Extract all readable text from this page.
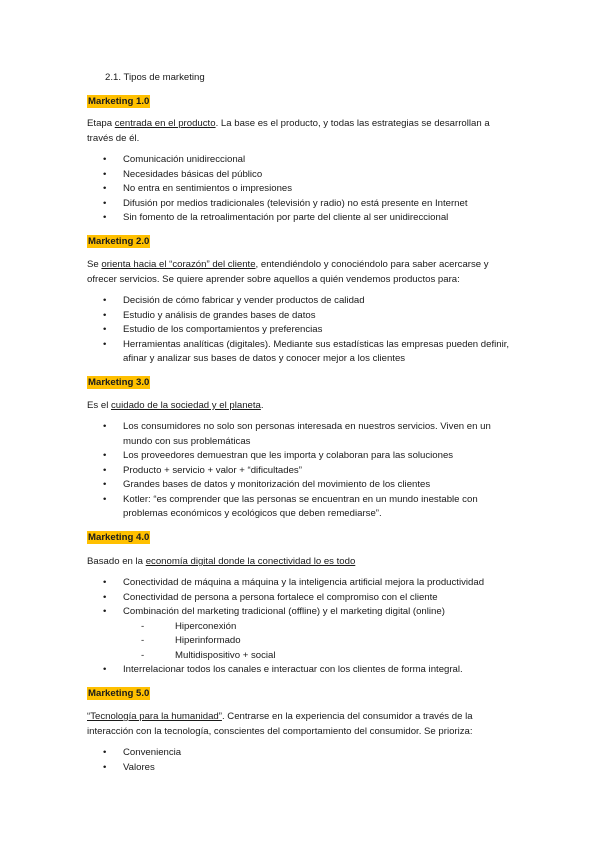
2.1. Tipos de marketing
Marketing 1.0

Etapa centrada en el producto. La base es el producto, y todas las estrategias se desarrollan a través de él.

• Comunicación unidireccional
• Necesidades básicas del público
• No entra en sentimientos o impresiones
• Difusión por medios tradicionales (televisión y radio) no está presente en Internet
• Sin fomento de la retroalimentación por parte del cliente al ser unidireccional
Marketing 2.0

Se orienta hacia el “corazón” del cliente, entendiéndolo y conociéndolo para saber acercarse y ofrecer servicios. Se quiere aprender sobre aquellos a quién vendemos productos para:

• Decisión de cómo fabricar y vender productos de calidad
• Estudio y análisis de grandes bases de datos
• Estudio de los comportamientos y preferencias
• Herramientas analíticas (digitales). Mediante sus estadísticas las empresas pueden definir, afinar y analizar sus bases de datos y conocer mejor a los clientes
Marketing 3.0

Es el cuidado de la sociedad y el planeta.

• Los consumidores no solo son personas interesada en nuestros servicios. Viven en un mundo con sus problemáticas
• Los proveedores demuestran que les importa y colaboran para las soluciones
• Producto + servicio + valor + “dificultades”
• Grandes bases de datos y monitorización del movimiento de los clientes
• Kotler: “es comprender que las personas se encuentran en un mundo inestable con problemas económicos y ecológicos que deben remediarse”.
Marketing 4.0

Basado en la economía digital donde la conectividad lo es todo

• Conectividad de máquina a máquina y la inteligencia artificial mejora la productividad
• Conectividad de persona a persona fortalece el compromiso con el cliente
• Combinación del marketing tradicional (offline) y el marketing digital (online)
- Hiperconexión
- Hiperinformado
- Multidispositivo + social
• Interrelacionar todos los canales e interactuar con los clientes de forma integral.
Marketing 5.0

“Tecnología para la humanidad”. Centrarse en la experiencia del consumidor a través de la interacción con la tecnología, conscientes del comportamiento del consumidor. Se prioriza:

• Conveniencia
• Valores
